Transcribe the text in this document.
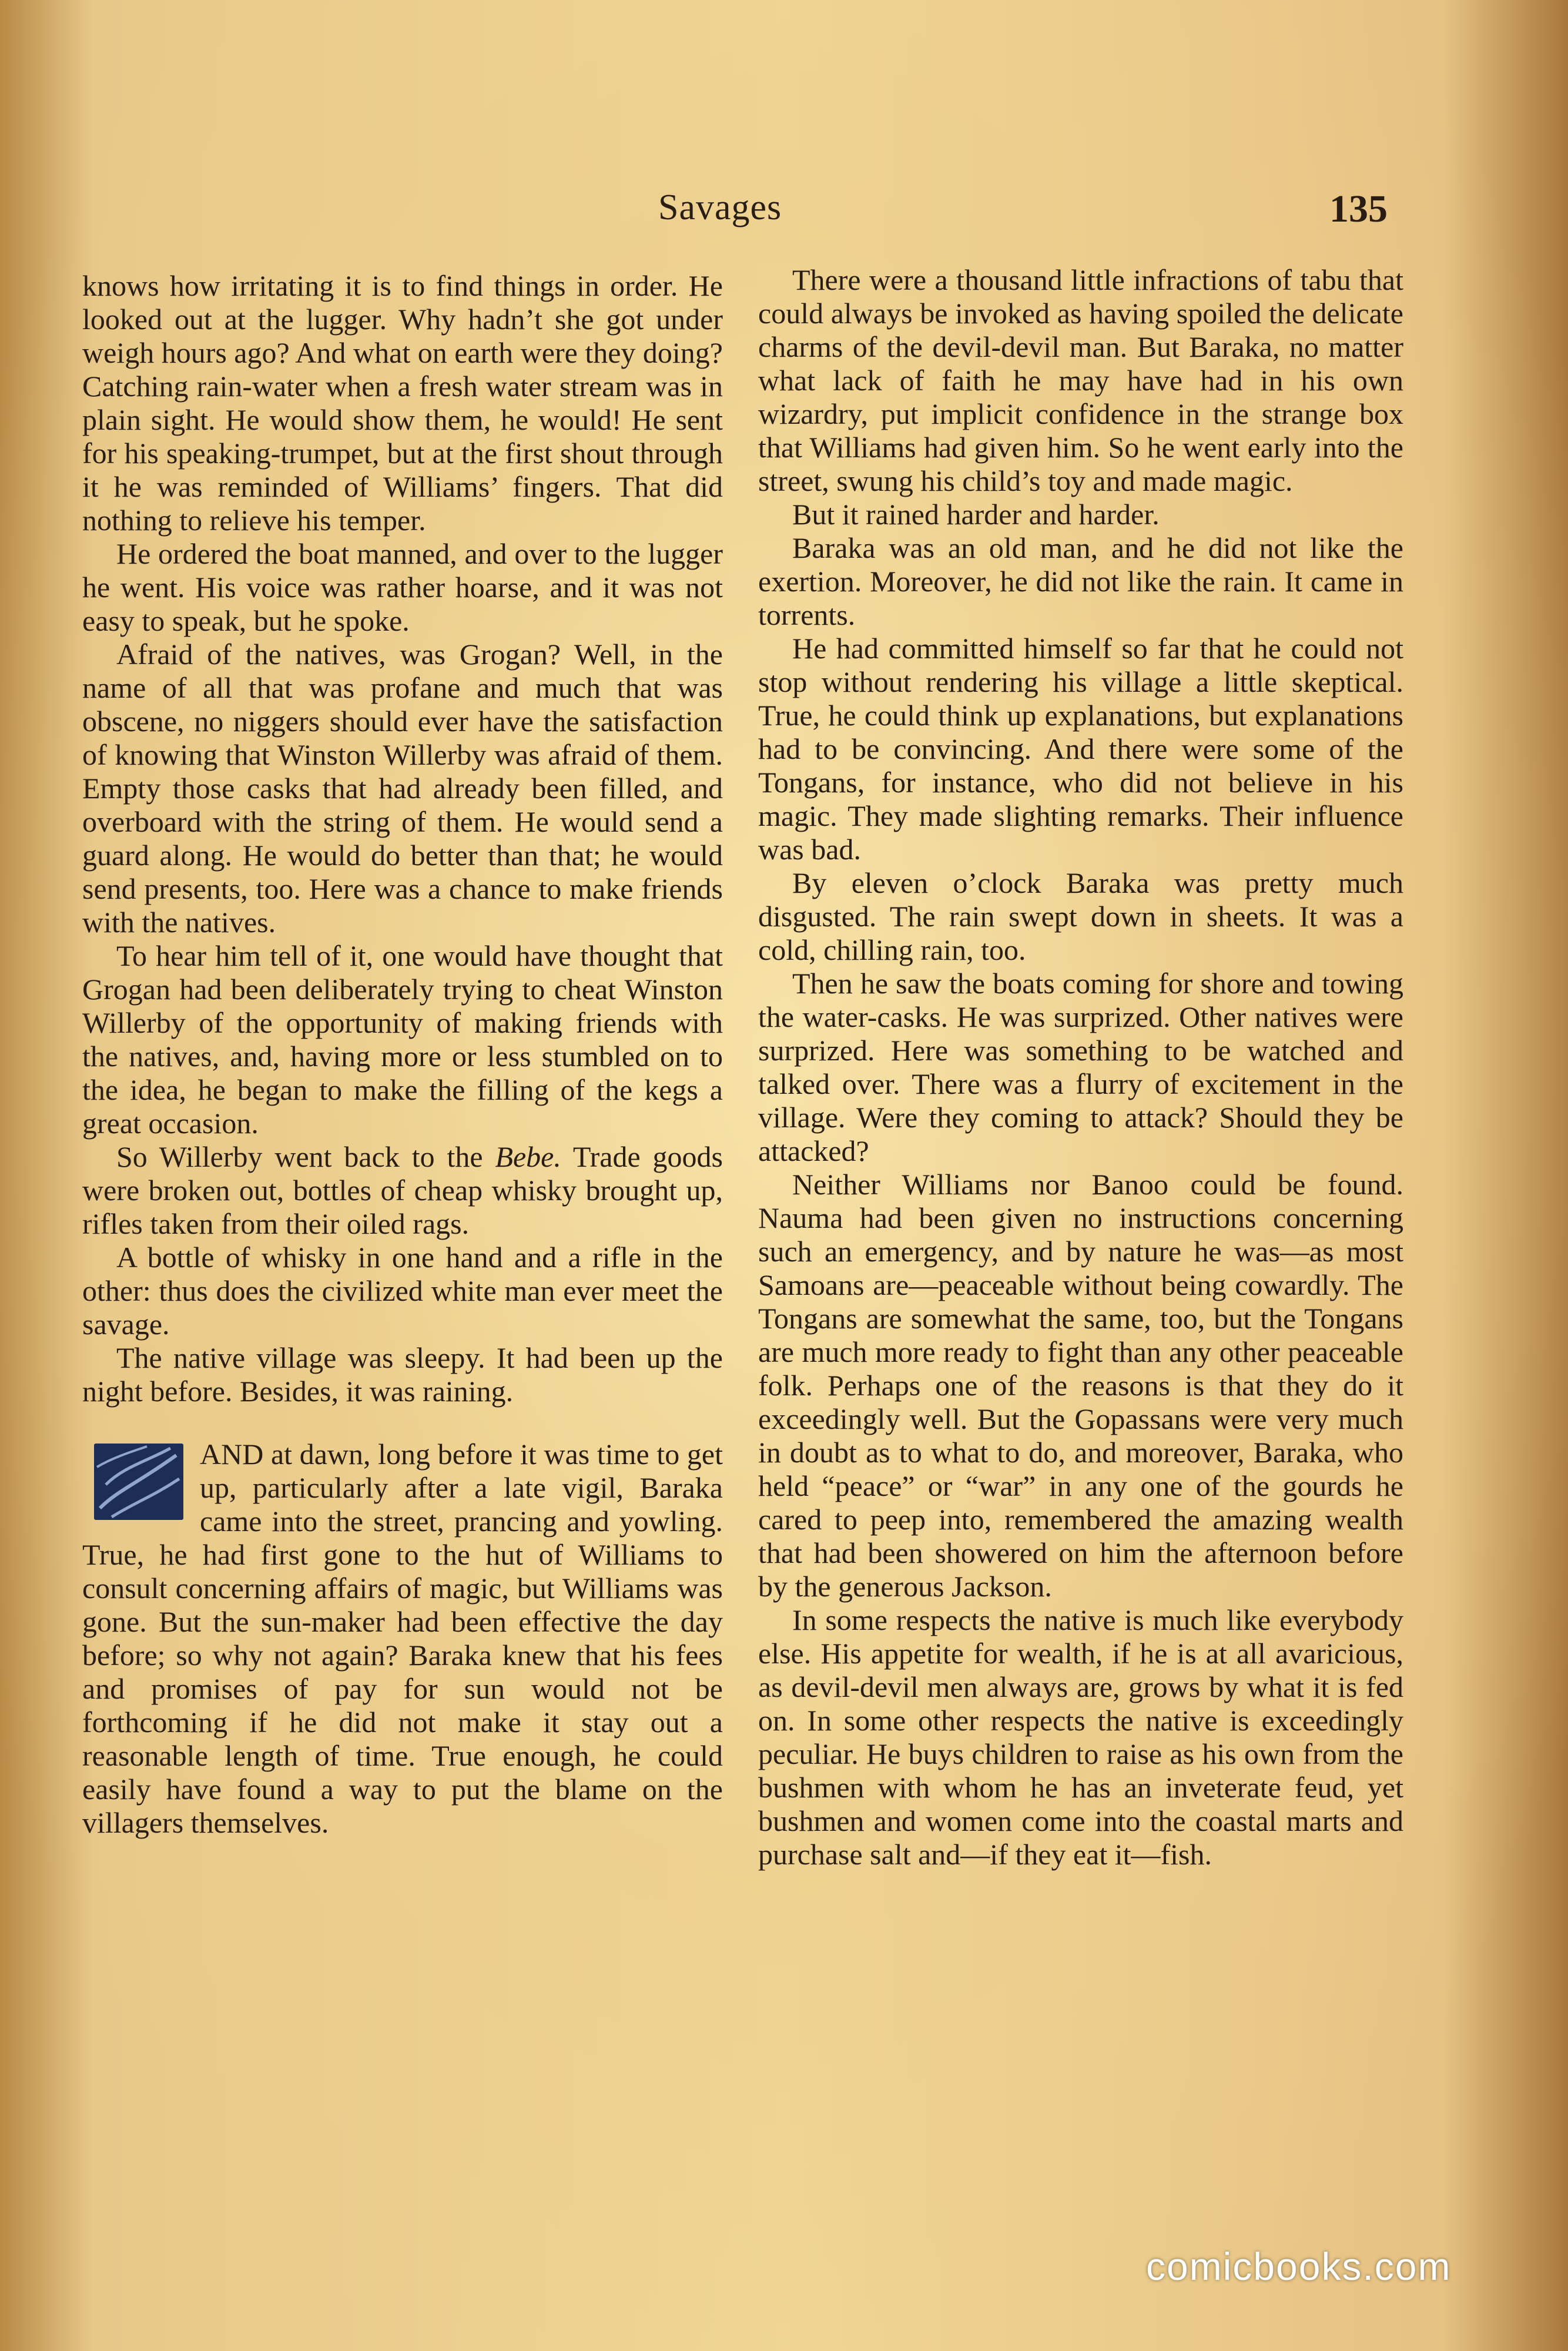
Savages	135

knows how irritating it is to find things in order. He looked out at the lugger. Why hadn’t she got under weigh hours ago? And what on earth were they doing? Catching rain-water when a fresh water stream was in plain sight. He would show them, he would! He sent for his speaking-trumpet, but at the first shout through it he was reminded of Williams’ fingers. That did nothing to relieve his temper.

He ordered the boat manned, and over to the lugger he went. His voice was rather hoarse, and it was not easy to speak, but he spoke.

Afraid of the natives, was Grogan? Well, in the name of all that was profane and much that was obscene, no niggers should ever have the satisfaction of knowing that Winston Willerby was afraid of them. Empty those casks that had already been filled, and overboard with the string of them. He would send a guard along. He would do better than that; he would send presents, too. Here was a chance to make friends with the natives.

To hear him tell of it, one would have thought that Grogan had been deliberately trying to cheat Winston Willerby of the opportunity of making friends with the natives, and, having more or less stumbled on to the idea, he began to make the filling of the kegs a great occasion.

So Willerby went back to the Bebe. Trade goods were broken out, bottles of cheap whisky brought up, rifles taken from their oiled rags.

A bottle of whisky in one hand and a rifle in the other: thus does the civilized white man ever meet the savage.

The native village was sleepy. It had been up the night before. Besides, it was raining.

AND at dawn, long before it was time to get up, particularly after a late vigil, Baraka came into the street, prancing and yowling. True, he had first gone to the hut of Williams to consult concerning affairs of magic, but Williams was gone. But the sun-maker had been effective the day before; so why not again? Baraka knew that his fees and promises of pay for sun would not be forthcoming if he did not make it stay out a reasonable length of time. True enough, he could easily have found a way to put the blame on the villagers themselves.

There were a thousand little infractions of tabu that could always be invoked as having spoiled the delicate charms of the devil-devil man. But Baraka, no matter what lack of faith he may have had in his own wizardry, put implicit confidence in the strange box that Williams had given him. So he went early into the street, swung his child’s toy and made magic.

But it rained harder and harder.

Baraka was an old man, and he did not like the exertion. Moreover, he did not like the rain. It came in torrents.

He had committed himself so far that he could not stop without rendering his village a little skeptical. True, he could think up explanations, but explanations had to be convincing. And there were some of the Tongans, for instance, who did not believe in his magic. They made slighting remarks. Their influence was bad.

By eleven o’clock Baraka was pretty much disgusted. The rain swept down in sheets. It was a cold, chilling rain, too.

Then he saw the boats coming for shore and towing the water-casks. He was surprized. Other natives were surprized. Here was something to be watched and talked over. There was a flurry of excitement in the village. Were they coming to attack? Should they be attacked?

Neither Williams nor Banoo could be found. Nauma had been given no instructions concerning such an emergency, and by nature he was—as most Samoans are—peaceable without being cowardly. The Tongans are somewhat the same, too, but the Tongans are much more ready to fight than any other peaceable folk. Perhaps one of the reasons is that they do it exceedingly well. But the Gopassans were very much in doubt as to what to do, and moreover, Baraka, who held “peace” or “war” in any one of the gourds he cared to peep into, remembered the amazing wealth that had been showered on him the afternoon before by the generous Jackson.

In some respects the native is much like everybody else. His appetite for wealth, if he is at all avaricious, as devil-devil men always are, grows by what it is fed on. In some other respects the native is exceedingly peculiar. He buys children to raise as his own from the bushmen with whom he has an inveterate feud, yet bushmen and women come into the coastal marts and purchase salt and—if they eat it—fish.

comicbooks.com
